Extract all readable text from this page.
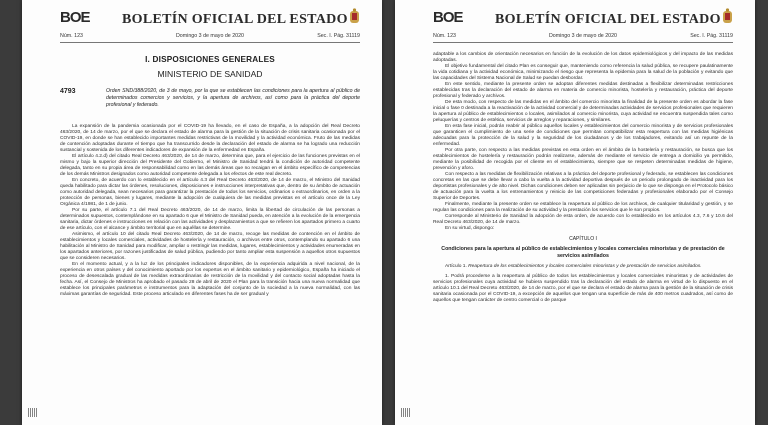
BOE BOLETÍN OFICIAL DEL ESTADO
Núm. 123	Domingo 3 de mayo de 2020	Sec. I. Pág. 31119
I. DISPOSICIONES GENERALES
MINISTERIO DE SANIDAD
4793	Orden SND/388/2020, de 3 de mayo, por la que se establecen las condiciones para la apertura al público de determinados comercios y servicios, y la apertura de archivos, así como para la práctica del deporte profesional y federado.

La expansión de la pandemia ocasionada por el COVID-19 ha llevado, en el caso de España, a la adopción del Real Decreto 463/2020, de 14 de marzo, por el que se declara el estado de alarma para la gestión de la situación de crisis sanitaria ocasionada por el COVID-19, en donde se han establecido importantes medidas restrictivas de la movilidad y la actividad económica. Fruto de las medidas de contención adoptadas durante el tiempo que ha transcurrido desde la declaración del estado de alarma se ha logrado una reducción sustancial y sostenida de los diferentes indicadores de expansión de la enfermedad en España.

El artículo 4.2.d) del citado Real Decreto 463/2020, de 14 de marzo, determina que, para el ejercicio de las funciones previstas en el mismo y bajo la superior dirección del Presidente del Gobierno, el Ministro de Sanidad tendrá la condición de autoridad competente delegada, tanto en su propia área de responsabilidad como en las demás áreas que no recaigan en el ámbito específico de competencias de los demás Ministros designados como autoridad competente delegada a los efectos de este real decreto.

En concreto, de acuerdo con lo establecido en el artículo 4.3 del Real Decreto 463/2020, de 14 de marzo, el Ministro del Sanidad queda habilitado para dictar las órdenes, resoluciones, disposiciones e instrucciones interpretativas que, dentro de su ámbito de actuación como autoridad delegada, sean necesarios para garantizar la prestación de todos los servicios, ordinarios o extraordinarios, en orden a la protección de personas, bienes y lugares, mediante la adopción de cualquiera de las medidas previstas en el artículo once de la Ley Orgánica 4/1981, de 1 de junio.

Por su parte, el artículo 7.1 del Real Decreto 463/2020, de 14 de marzo, limita la libertad de circulación de las personas a determinados supuestos, contemplándose en su apartado 6 que el Ministro de Sanidad pueda, en atención a la evolución de la emergencia sanitaria, dictar órdenes e instrucciones en relación con las actividades y desplazamientos a que se refieren los apartados primero a cuarto de ese artículo, con el alcance y ámbito territorial que en aquéllas se determine.

Asimismo, el artículo 10 del citado Real Decreto 463/2020, de 14 de marzo, recoge las medidas de contención en el ámbito de establecimientos y locales comerciales, actividades de hostelería y restauración, o archivos entre otros, contemplando su apartado 6 una habilitación al Ministro de Sanidad para modificar, ampliar o restringir las medidas, lugares, establecimientos y actividades enumeradas en los apartados anteriores, por razones justificadas de salud pública, pudiendo por tanto ampliar esta suspensión a aquellos otros supuestos que se consideren necesarios.

En el momento actual, y a la luz de los principales indicadores disponibles, de la experiencia adquirida a nivel nacional, de la experiencia en otros países y del conocimiento aportado por los expertos en el ámbito sanitario y epidemiológico, España ha iniciado el proceso de desescalada gradual de las medidas extraordinarias de restricción de la movilidad y del contacto social adoptadas hasta la fecha. Así, el Consejo de Ministros ha aprobado el pasado 28 de abril de 2020 el Plan para la transición hacia una nueva normalidad que establece los principales parámetros e instrumentos para la adaptación del conjunto de la sociedad a la nueva normalidad, con las máximas garantías de seguridad. Este proceso articulado en diferentes fases ha de ser gradual y

BOE BOLETÍN OFICIAL DEL ESTADO
Núm. 123	Domingo 3 de mayo de 2020	Sec. I. Pág. 31119

adaptable a los cambios de orientación necesarios en función de la evolución de los datos epidemiológicos y del impacto de las medidas adoptadas.

El objetivo fundamental del citado Plan es conseguir que, manteniendo como referencia la salud pública, se recupere paulatinamente la vida cotidiana y la actividad económica, minimizando el riesgo que representa la epidemia para la salud de la población y evitando que las capacidades del Sistema Nacional de Salud se puedan desbordar.

En este sentido, mediante la presente orden se adoptan diferentes medidas destinadas a flexibilizar determinadas restricciones establecidas tras la declaración del estado de alarma en materia de comercio minorista, hostelería y restauración, práctica del deporte profesional y federado y archivos.

De esta modo, con respecto de las medidas en el ámbito del comercio minorista la finalidad de la presente orden es abordar la fase inicial o fase 0 destinada a la reactivación de la actividad comercial y de determinadas actividades de servicios profesionales que requieren la apertura al público de establecimientos o locales, asimilados al comercio minorista, cuya actividad se encuentra suspendida tales como peluquerías y centros de estética, servicios de arreglos y reparaciones, y similares.

En esta fase inicial, podrán reabrir al público aquellos locales y establecimientos del comercio minorista y de servicios profesionales que garanticen el cumplimiento de una serie de condiciones que permitan compatibilizar esta reapertura con las medidas higiénicas adecuadas para la protección de la salud y la seguridad de los ciudadanos y de los trabajadores, evitando así un repunte de la enfermedad.

Por otra parte, con respecto a las medidas previstas en esta orden en el ámbito de la hostelería y restauración, se busca que los establecimientos de hostelería y restauración podrán realizarse, además de mediante el servicio de entrega a domicilio ya permitido, mediante la posibilidad de recogida por el cliente en el establecimiento, siempre que se respeten determinadas medidas de higiene, prevención y aforo.

Con respecto a las medidas de flexibilización relativas a la práctica del deporte profesional y federado, se establecen las condiciones concretas en las que se debe llevar a cabo la vuelta a la actividad deportiva después de un periodo prolongado de inactividad para los deportistas profesionales y de alto nivel. Dichas condiciones deben ser aplicadas sin perjuicio de lo que se disponga en el Protocolo básico de actuación para la vuelta a los entrenamientos y reinicio de las competiciones federadas y profesionales elaborado por el Consejo Superior de Deportes.

Finalmente, mediante la presente orden se establece la reapertura al público de los archivos, de cualquier titularidad y gestión, y se regulan las condiciones para la realización de su actividad y la prestación los servicios que le son propios.

Corresponde al Ministerio de Sanidad la adopción de esta orden, de acuerdo con lo establecido en los artículos 4.3, 7.6 y 10.6 del Real Decreto 463/2020, de 14 de marzo.

En su virtud, dispongo:

CAPÍTULO I
Condiciones para la apertura al público de establecimientos y locales comerciales minoristas y de prestación de servicios asimilados

Artículo 1. Reapertura de los establecimientos y locales comerciales minoristas y de prestación de servicios asimilados.

1. Podrá procederse a la reapertura al público de todos los establecimientos y locales comerciales minoristas y de actividades de servicios profesionales cuya actividad se hubiera suspendido tras la declaración del estado de alarma en virtud de lo dispuesto en el artículo 10.1 del Real Decreto 463/2020, de 14 de marzo, por el que se declara el estado de alarma para la gestión de la situación de crisis sanitaria ocasionada por el COVID-19, a excepción de aquellos que tengan una superficie de más de 400 metros cuadrados, así como de aquellos que tengan carácter de centro comercial o de parque
